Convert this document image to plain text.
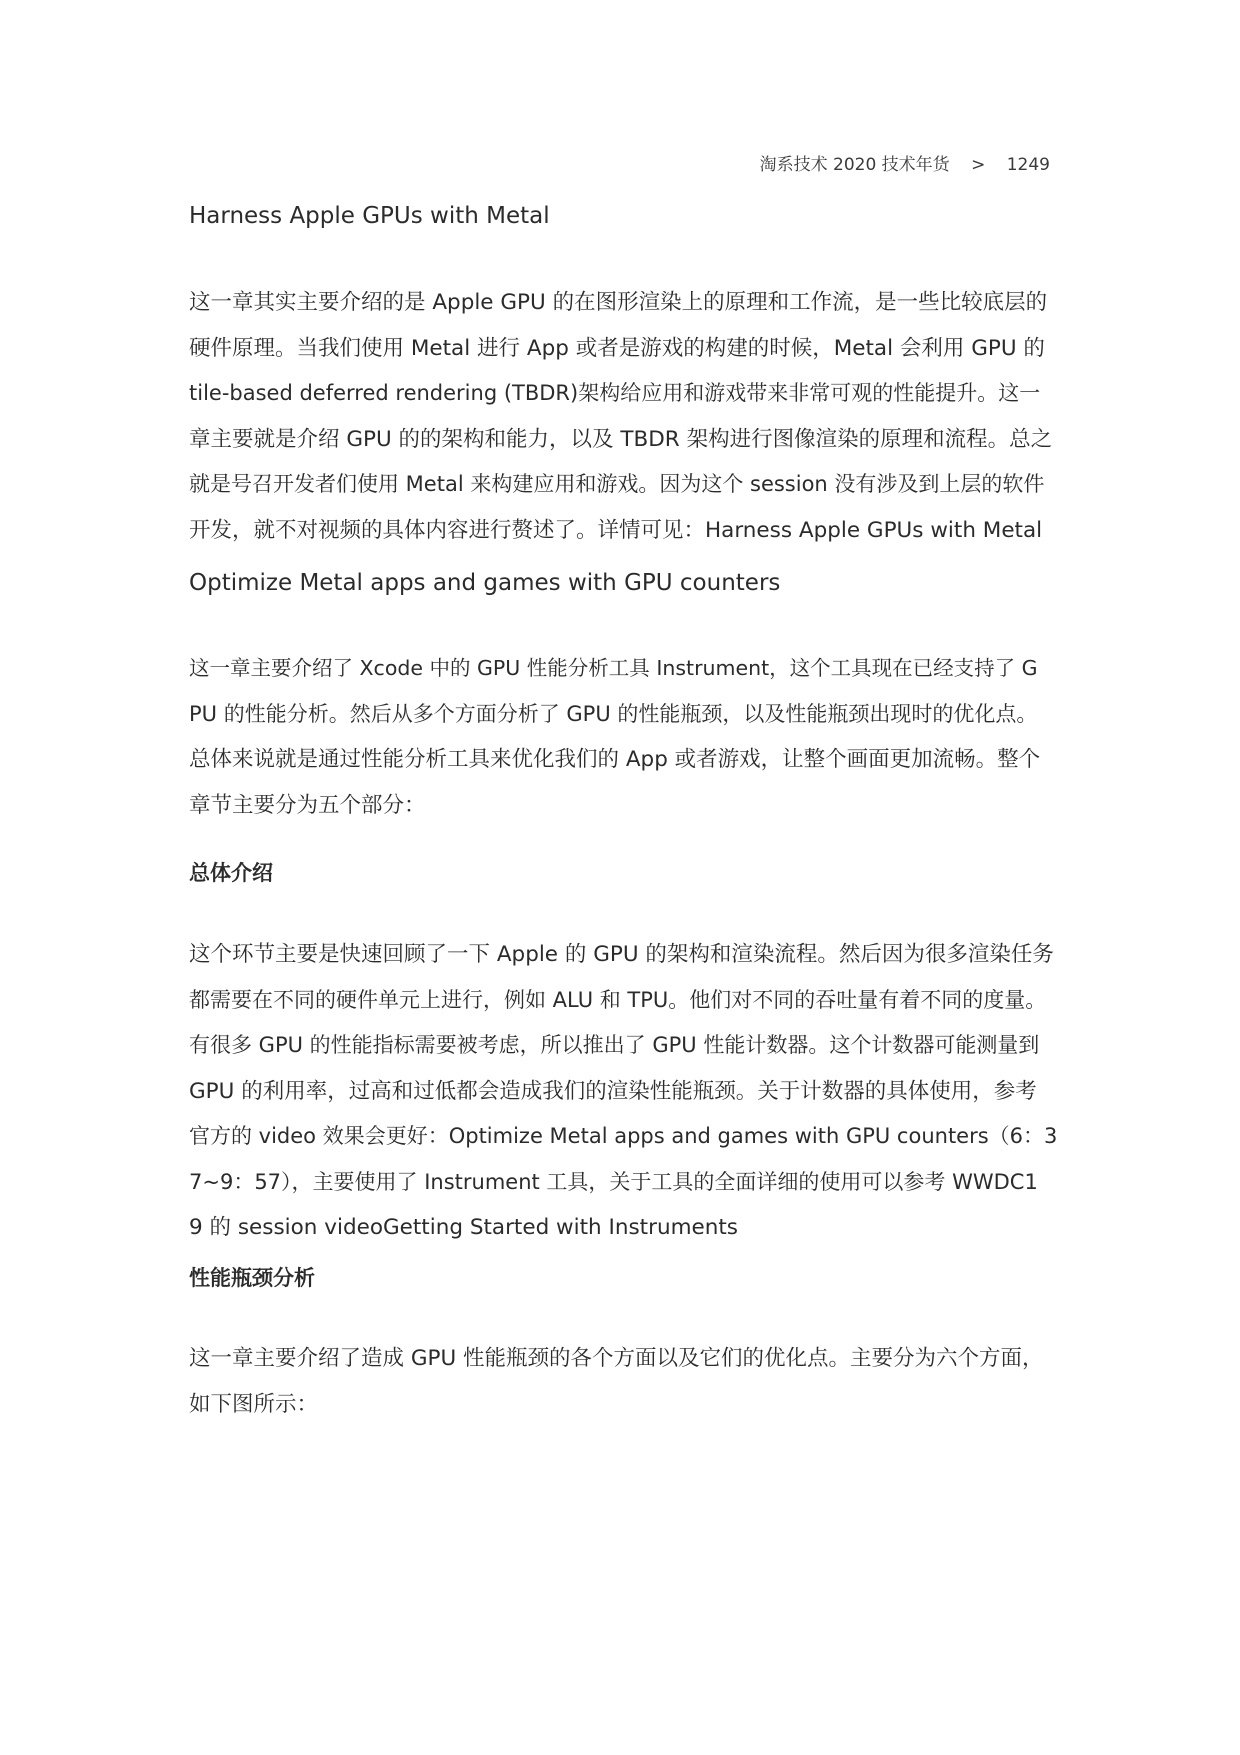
淘系技术 2020 技术年货 > 1249
Harness Apple GPUs with Metal
这一章其实主要介绍的是 Apple GPU 的在图形渲染上的原理和工作流，是一些比较底层的
硬件原理。当我们使用 Metal 进行 App 或者是游戏的构建的时候，Metal 会利用 GPU 的
tile-based deferred rendering (TBDR)架构给应用和游戏带来非常可观的性能提升。这一
章主要就是介绍 GPU 的的架构和能力，以及 TBDR 架构进行图像渲染的原理和流程。总之
就是号召开发者们使用 Metal 来构建应用和游戏。因为这个 session 没有涉及到上层的软件
开发，就不对视频的具体内容进行赘述了。详情可见：Harness Apple GPUs with Metal
Optimize Metal apps and games with GPU counters
这一章主要介绍了 Xcode 中的 GPU 性能分析工具 Instrument，这个工具现在已经支持了 G
PU 的性能分析。然后从多个方面分析了 GPU 的性能瓶颈，以及性能瓶颈出现时的优化点。
总体来说就是通过性能分析工具来优化我们的 App 或者游戏，让整个画面更加流畅。整个
章节主要分为五个部分：
总体介绍
这个环节主要是快速回顾了一下 Apple 的 GPU 的架构和渲染流程。然后因为很多渲染任务
都需要在不同的硬件单元上进行，例如 ALU 和 TPU。他们对不同的吞吐量有着不同的度量。
有很多 GPU 的性能指标需要被考虑，所以推出了 GPU 性能计数器。这个计数器可能测量到
GPU 的利用率，过高和过低都会造成我们的渲染性能瓶颈。关于计数器的具体使用，参考
官方的 video 效果会更好：Optimize Metal apps and games with GPU counters（6：3
7~9：57），主要使用了 Instrument 工具，关于工具的全面详细的使用可以参考 WWDC1
9 的 session videoGetting Started with Instruments
性能瓶颈分析
这一章主要介绍了造成 GPU 性能瓶颈的各个方面以及它们的优化点。主要分为六个方面，
如下图所示：
